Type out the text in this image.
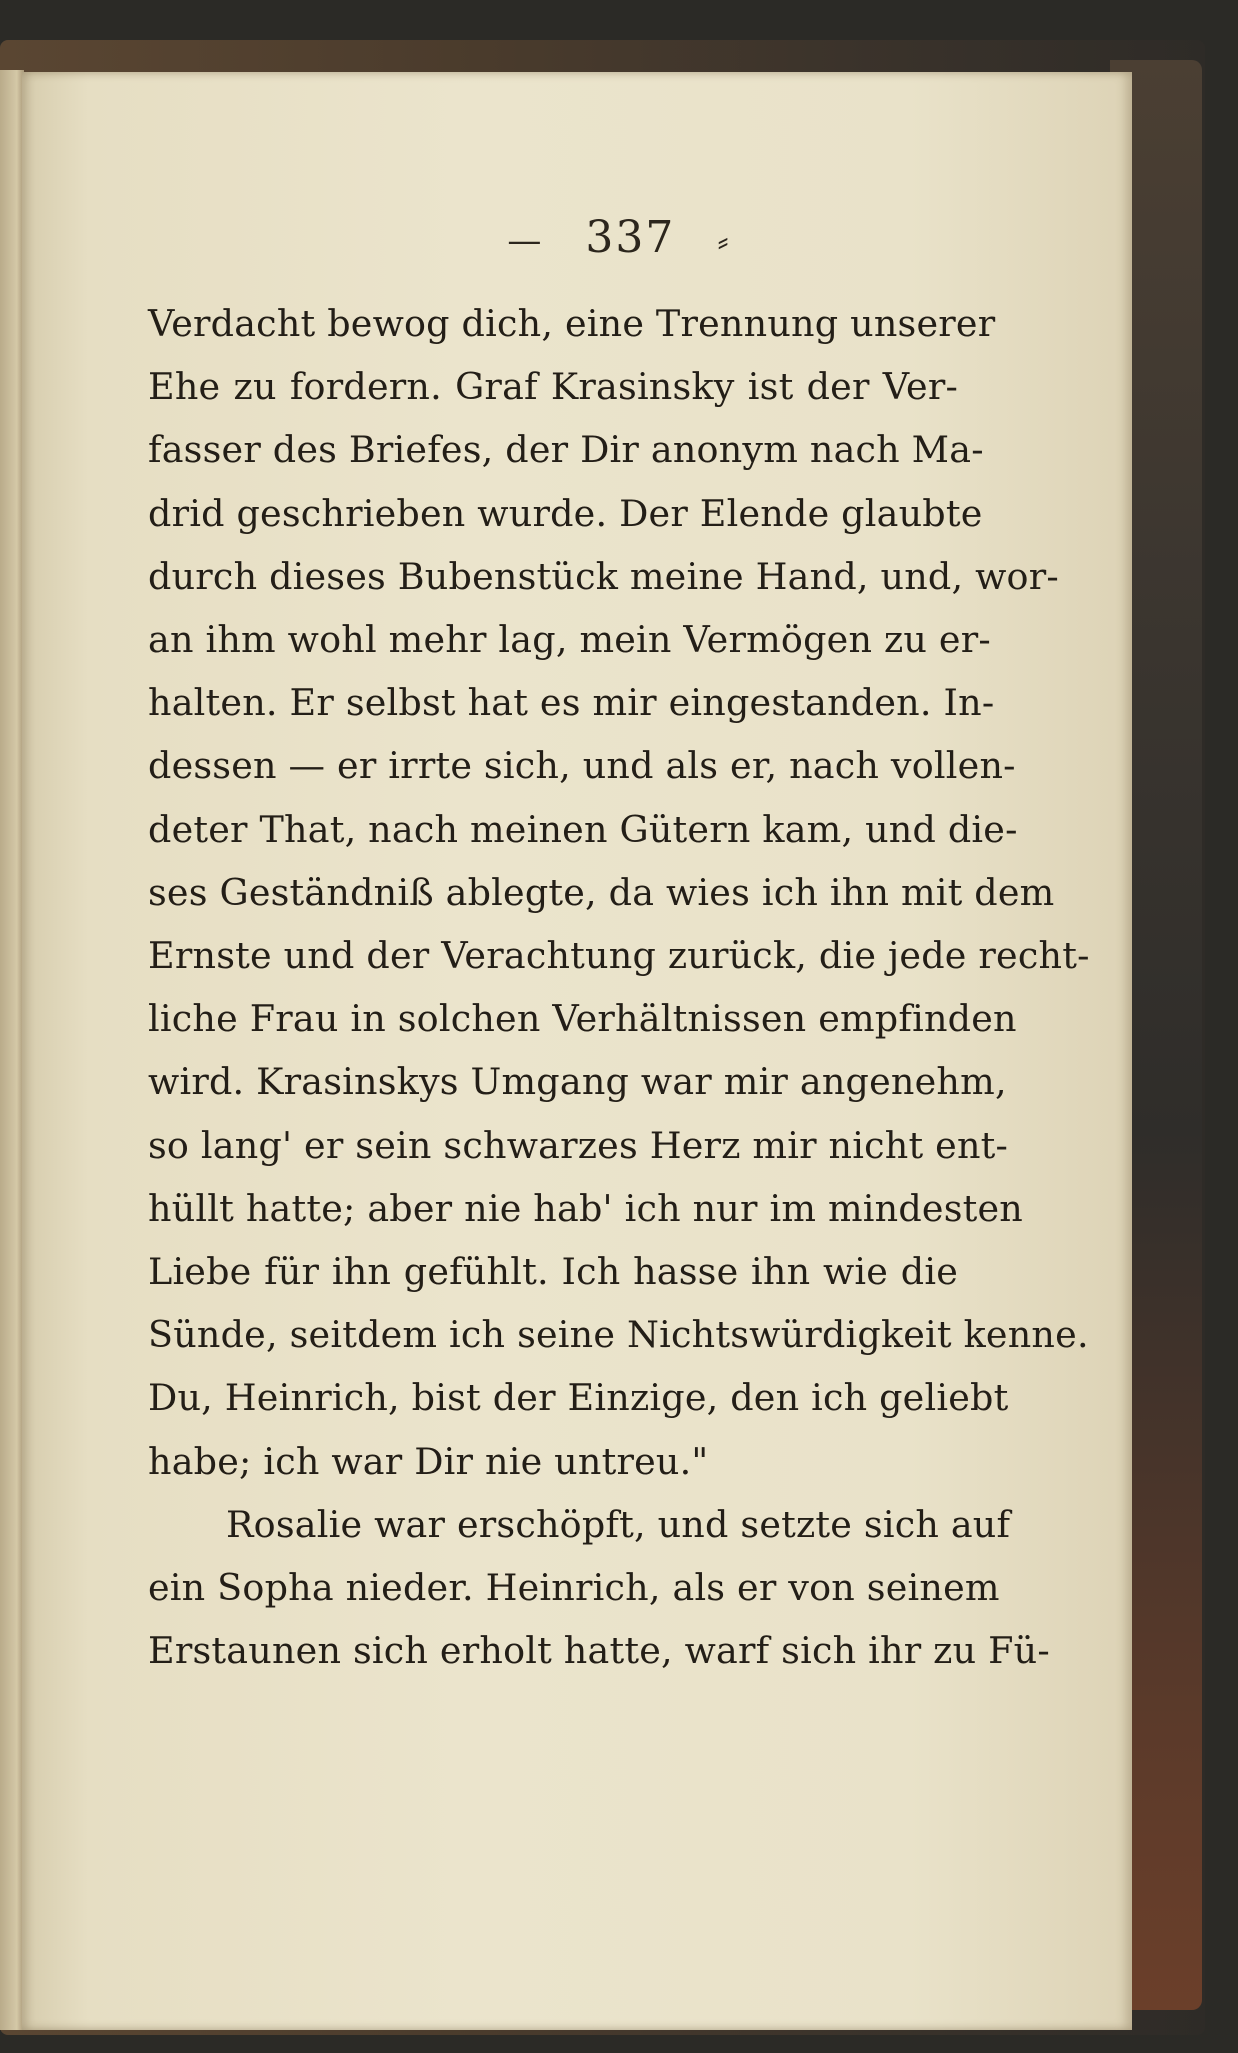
— 337 ⸗
Verdacht bewog dich, eine Trennung unserer
Ehe zu fordern. Graf Krasinsky ist der Ver-
fasser des Briefes, der Dir anonym nach Ma-
drid geschrieben wurde. Der Elende glaubte
durch dieses Bubenstück meine Hand, und, wor-
an ihm wohl mehr lag, mein Vermögen zu er-
halten. Er selbst hat es mir eingestanden. In-
dessen — er irrte sich, und als er, nach vollen-
deter That, nach meinen Gütern kam, und die-
ses Geständniß ablegte, da wies ich ihn mit dem
Ernste und der Verachtung zurück, die jede recht-
liche Frau in solchen Verhältnissen empfinden
wird. Krasinskys Umgang war mir angenehm,
so lang' er sein schwarzes Herz mir nicht ent-
hüllt hatte; aber nie hab' ich nur im mindesten
Liebe für ihn gefühlt. Ich hasse ihn wie die
Sünde, seitdem ich seine Nichtswürdigkeit kenne.
Du, Heinrich, bist der Einzige, den ich geliebt
habe; ich war Dir nie untreu."
Rosalie war erschöpft, und setzte sich auf
ein Sopha nieder. Heinrich, als er von seinem
Erstaunen sich erholt hatte, warf sich ihr zu Fü-
